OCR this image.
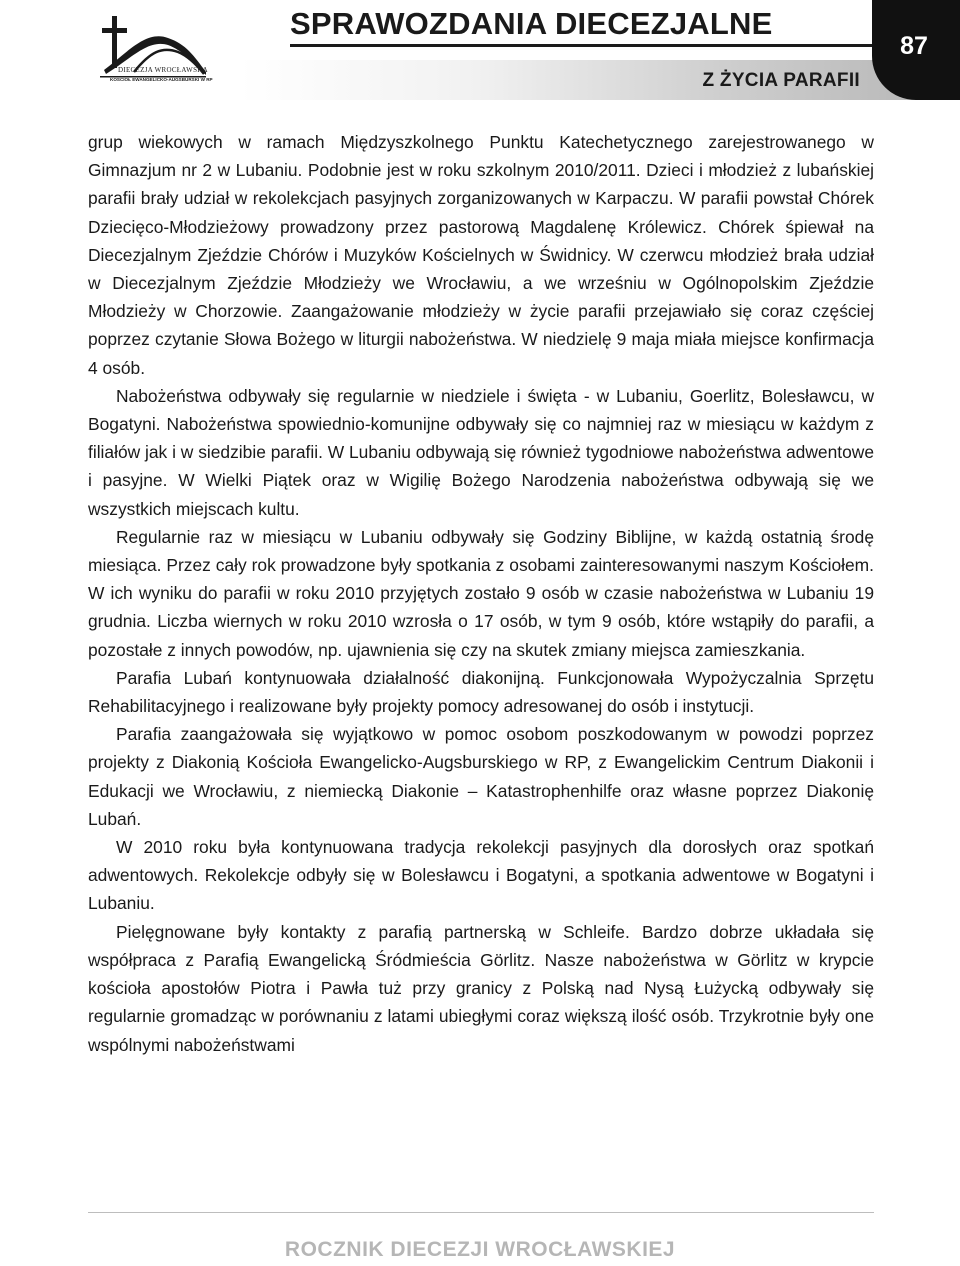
DIECEZJA WROCŁAWSKA
KOŚCIÓŁ EWANGELICKO-AUGSBURSKI W RP
SPRAWOZDANIA DIECEZJALNE
Z ŻYCIA PARAFII
87

grup wiekowych w ramach Międzyszkolnego Punktu Katechetycznego zarejestrowanego w Gimnazjum nr 2 w Lubaniu. Podobnie jest w roku szkolnym 2010/2011. Dzieci i młodzież z lubańskiej parafii brały udział w rekolekcjach pasyjnych zorganizowanych w Karpaczu. W parafii powstał Chórek Dziecięco-Młodzieżowy prowadzony przez pastorową Magdalenę Królewicz. Chórek śpiewał na Diecezjalnym Zjeździe Chórów i Muzyków Kościelnych w Świdnicy. W czerwcu młodzież brała udział w Diecezjalnym Zjeździe Młodzieży we Wrocławiu, a we wrześniu w Ogólnopolskim Zjeździe Młodzieży w Chorzowie. Zaangażowanie młodzieży w życie parafii przejawiało się coraz częściej poprzez czytanie Słowa Bożego w liturgii nabożeństwa. W niedzielę 9 maja miała miejsce konfirmacja 4 osób.

Nabożeństwa odbywały się regularnie w niedziele i święta - w Lubaniu, Goerlitz, Bolesławcu, w Bogatyni. Nabożeństwa spowiednio-komunijne odbywały się co najmniej raz w miesiącu w każdym z filiałów jak i w siedzibie parafii. W Lubaniu odbywają się również tygodniowe nabożeństwa adwentowe i pasyjne. W Wielki Piątek oraz w Wigilię Bożego Narodzenia nabożeństwa odbywają się we wszystkich miejscach kultu.

Regularnie raz w miesiącu w Lubaniu odbywały się Godziny Biblijne, w każdą ostatnią środę miesiąca. Przez cały rok prowadzone były spotkania z osobami zainteresowanymi naszym Kościołem. W ich wyniku do parafii w roku 2010 przyjętych zostało 9 osób w czasie nabożeństwa w Lubaniu 19 grudnia. Liczba wiernych w roku 2010 wzrosła o 17 osób, w tym 9 osób, które wstąpiły do parafii, a pozostałe z innych powodów, np. ujawnienia się czy na skutek zmiany miejsca zamieszkania.

Parafia Lubań kontynuowała działalność diakonijną. Funkcjonowała Wypożyczalnia Sprzętu Rehabilitacyjnego i realizowane były projekty pomocy adresowanej do osób i instytucji.

Parafia zaangażowała się wyjątkowo w pomoc osobom poszkodowanym w powodzi poprzez projekty z Diakonią Kościoła Ewangelicko-Augsburskiego w RP, z Ewangelickim Centrum Diakonii i Edukacji we Wrocławiu, z niemiecką Diakonie – Katastrophenhilfe oraz własne poprzez Diakonię Lubań.

W 2010 roku była kontynuowana tradycja rekolekcji pasyjnych dla dorosłych oraz spotkań adwentowych. Rekolekcje odbyły się w Bolesławcu i Bogatyni, a spotkania adwentowe w Bogatyni i Lubaniu.

Pielęgnowane były kontakty z parafią partnerską w Schleife. Bardzo dobrze układała się współpraca z Parafią Ewangelicką Śródmieścia Görlitz. Nasze nabożeństwa w Görlitz w krypcie kościoła apostołów Piotra i Pawła tuż przy granicy z Polską nad Nysą Łużycką odbywały się regularnie gromadząc w porównaniu z latami ubiegłymi coraz większą ilość osób. Trzykrotnie były one wspólnymi nabożeństwami

ROCZNIK DIECEZJI WROCŁAWSKIEJ
